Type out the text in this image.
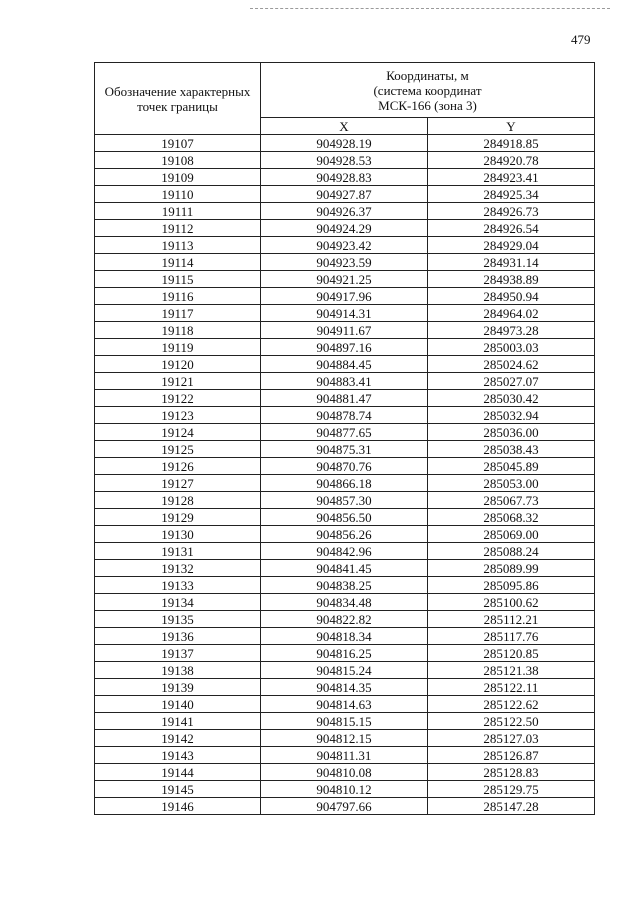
479
Обозначение характерных точек границы	Координаты, м
(система координат
МСК-166 (зона 3)	
	X	Y
19107	904928.19	284918.85
19108	904928.53	284920.78
19109	904928.83	284923.41
19110	904927.87	284925.34
19111	904926.37	284926.73
19112	904924.29	284926.54
19113	904923.42	284929.04
19114	904923.59	284931.14
19115	904921.25	284938.89
19116	904917.96	284950.94
19117	904914.31	284964.02
19118	904911.67	284973.28
19119	904897.16	285003.03
19120	904884.45	285024.62
19121	904883.41	285027.07
19122	904881.47	285030.42
19123	904878.74	285032.94
19124	904877.65	285036.00
19125	904875.31	285038.43
19126	904870.76	285045.89
19127	904866.18	285053.00
19128	904857.30	285067.73
19129	904856.50	285068.32
19130	904856.26	285069.00
19131	904842.96	285088.24
19132	904841.45	285089.99
19133	904838.25	285095.86
19134	904834.48	285100.62
19135	904822.82	285112.21
19136	904818.34	285117.76
19137	904816.25	285120.85
19138	904815.24	285121.38
19139	904814.35	285122.11
19140	904814.63	285122.62
19141	904815.15	285122.50
19142	904812.15	285127.03
19143	904811.31	285126.87
19144	904810.08	285128.83
19145	904810.12	285129.75
19146	904797.66	285147.28
